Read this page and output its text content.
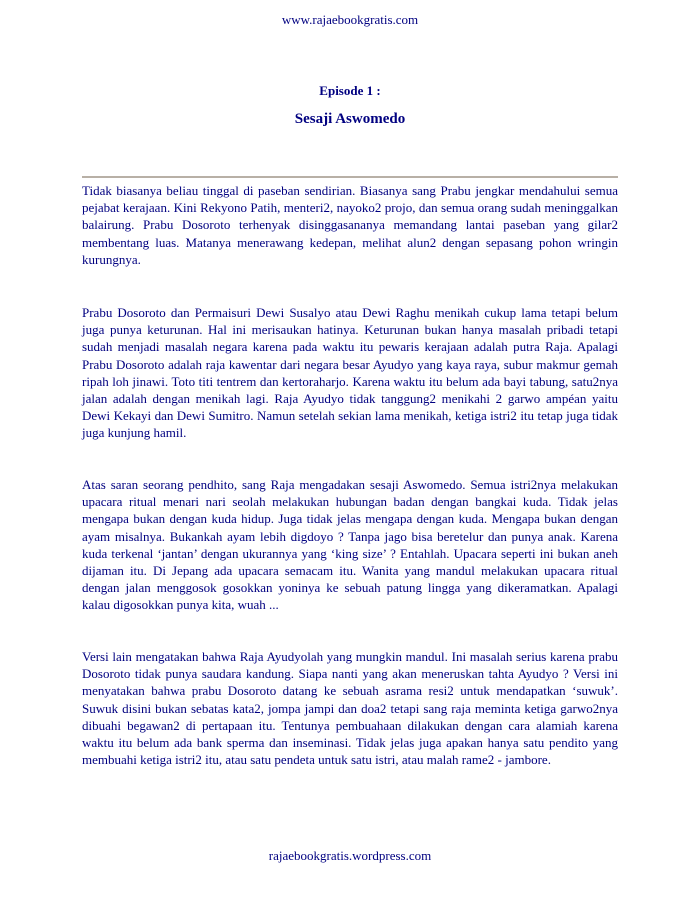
www.rajaebookgratis.com
Episode 1 :
Sesaji Aswomedo

Tidak biasanya beliau tinggal di paseban sendirian. Biasanya sang Prabu jengkar mendahului semua pejabat kerajaan. Kini Rekyono Patih, menteri2, nayoko2 projo, dan semua orang sudah meninggalkan balairung. Prabu Dosoroto terhenyak disinggasananya memandang lantai paseban yang gilar2 membentang luas. Matanya menerawang kedepan, melihat alun2 dengan sepasang pohon wringin kurungnya.

Prabu Dosoroto dan Permaisuri Dewi Susalyo atau Dewi Raghu menikah cukup lama tetapi belum juga punya keturunan. Hal ini merisaukan hatinya. Keturunan bukan hanya masalah pribadi tetapi sudah menjadi masalah negara karena pada waktu itu pewaris kerajaan adalah putra Raja. Apalagi Prabu Dosoroto adalah raja kawentar dari negara besar Ayudyo yang kaya raya, subur makmur gemah ripah loh jinawi. Toto titi tentrem dan kertoraharjo. Karena waktu itu belum ada bayi tabung, satu2nya jalan adalah dengan menikah lagi. Raja Ayudyo tidak tanggung2 menikahi 2 garwo ampéan yaitu Dewi Kekayi dan Dewi Sumitro. Namun setelah sekian lama menikah, ketiga istri2 itu tetap juga tidak juga kunjung hamil.

Atas saran seorang pendhito, sang Raja mengadakan sesaji Aswomedo. Semua istri2nya melakukan upacara ritual menari nari seolah melakukan hubungan badan dengan bangkai kuda. Tidak jelas mengapa bukan dengan kuda hidup. Juga tidak jelas mengapa dengan kuda. Mengapa bukan dengan ayam misalnya. Bukankah ayam lebih digdoyo ? Tanpa jago bisa beretelur dan punya anak. Karena kuda terkenal ‘jantan’ dengan ukurannya yang ‘king size’ ? Entahlah. Upacara seperti ini bukan aneh dijaman itu. Di Jepang ada upacara semacam itu. Wanita yang mandul melakukan upacara ritual dengan jalan menggosok gosokkan yoninya ke sebuah patung lingga yang dikeramatkan. Apalagi kalau digosokkan punya kita, wuah ...

Versi lain mengatakan bahwa Raja Ayudyolah yang mungkin mandul. Ini masalah serius karena prabu Dosoroto tidak punya saudara kandung. Siapa nanti yang akan meneruskan tahta Ayudyo ? Versi ini menyatakan bahwa prabu Dosoroto datang ke sebuah asrama resi2 untuk mendapatkan ‘suwuk’. Suwuk disini bukan sebatas kata2, jompa jampi dan doa2 tetapi sang raja meminta ketiga garwo2nya dibuahi begawan2 di pertapaan itu. Tentunya pembuahaan dilakukan dengan cara alamiah karena waktu itu belum ada bank sperma dan inseminasi. Tidak jelas juga apakan hanya satu pendito yang membuahi ketiga istri2 itu, atau satu pendeta untuk satu istri, atau malah rame2 - jambore.

rajaebookgratis.wordpress.com
